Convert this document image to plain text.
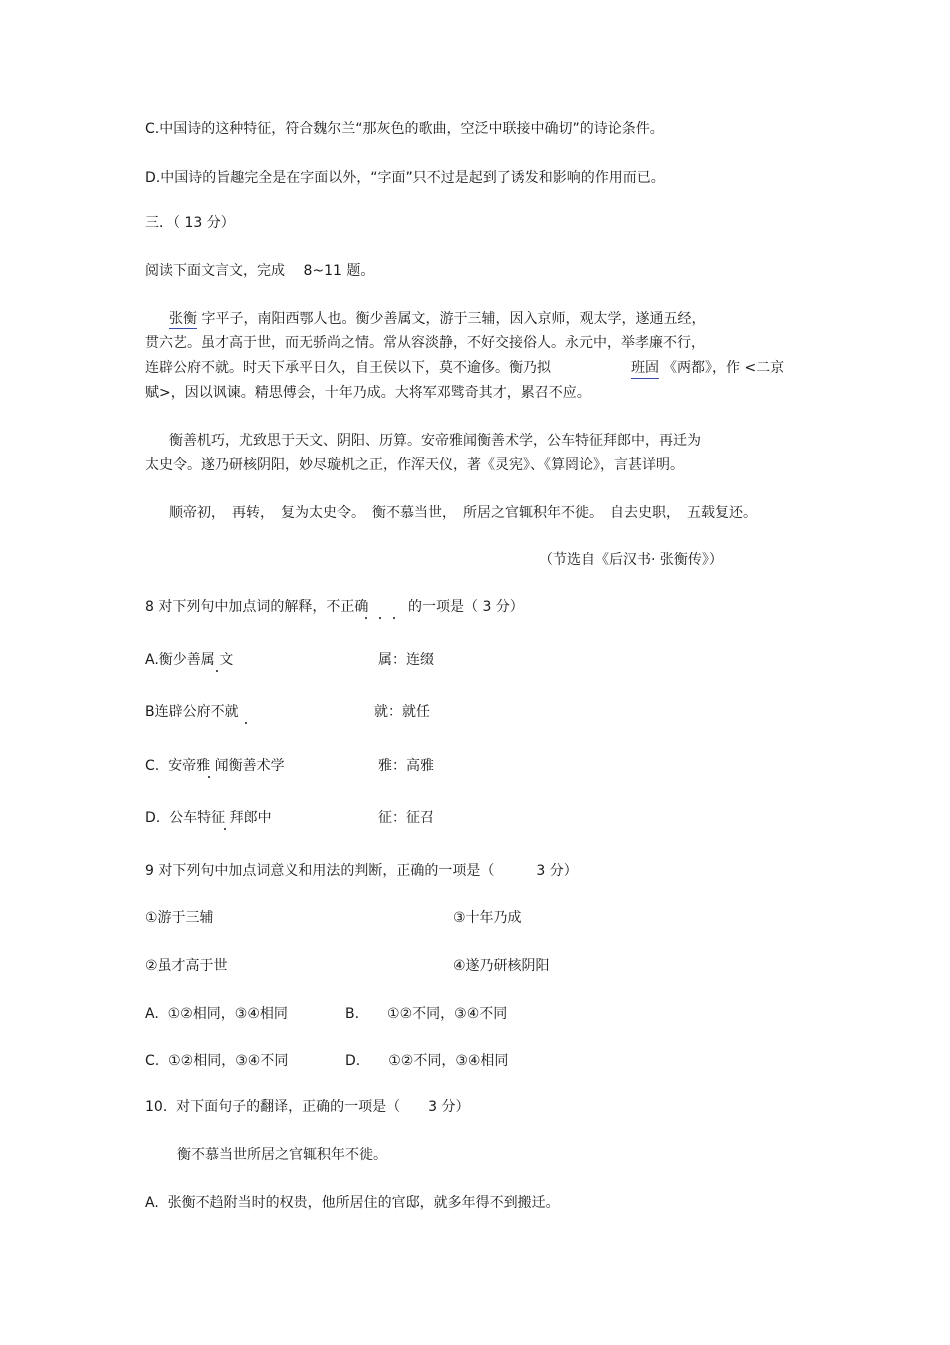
C.中国诗的这种特征，符合魏尔兰“那灰色的歌曲，空泛中联接中确切”的诗论条件。
D.中国诗的旨趣完全是在字面以外，“字面”只不过是起到了诱发和影响的作用而已。
三．（ 13 分）
阅读下面文言文，完成　 8~11 题。
张衡 字平子，南阳西鄂人也。衡少善属文，游于三辅，因入京师，观太学，遂通五经，
贯六艺。虽才高于世，而无骄尚之情。常从容淡静，不好交接俗人。永元中，举孝廉不行，
连辟公府不就。时天下承平日久，自王侯以下，莫不逾侈。衡乃拟	班固 《两都》，作 <二京
赋>，因以讽谏。精思傅会，十年乃成。大将军邓骘奇其才，累召不应。
衡善机巧，尤致思于天文、阴阳、历算。安帝雅闻衡善术学，公车特征拜郎中，再迁为
太史令。遂乃研核阴阳，妙尽璇机之正，作浑天仪，著《灵宪》、《算罔论》，言甚详明。
顺帝初，　再转，　复为太史令。　衡不慕当世，　所居之官辄积年不徙。　自去史职，　五载复还。
（节选自《后汉书· 张衡传》）
8 对下列句中加点词的解释，不正确	的一项是（ 3 分）
A.衡少善属 文	属：连缀
B连辟公府不就	就：就任
C.  安帝雅 闻衡善术学	雅：高雅
D.  公车特征 拜郎中	征：征召
9 对下列句中加点词意义和用法的判断，正确的一项是（　　　3 分）
①游于三辅	③十年乃成
②虽才高于世	④遂乃研核阴阳
A.  ①②相同，③④相同	B.　　①②不同，③④不同
C.  ①②相同，③④不同	D.　　①②不同，③④相同
10.  对下面句子的翻译，正确的一项是（　　3 分）
衡不慕当世所居之官辄积年不徙。
A.  张衡不趋附当时的权贵，他所居住的官邸，就多年得不到搬迁。
